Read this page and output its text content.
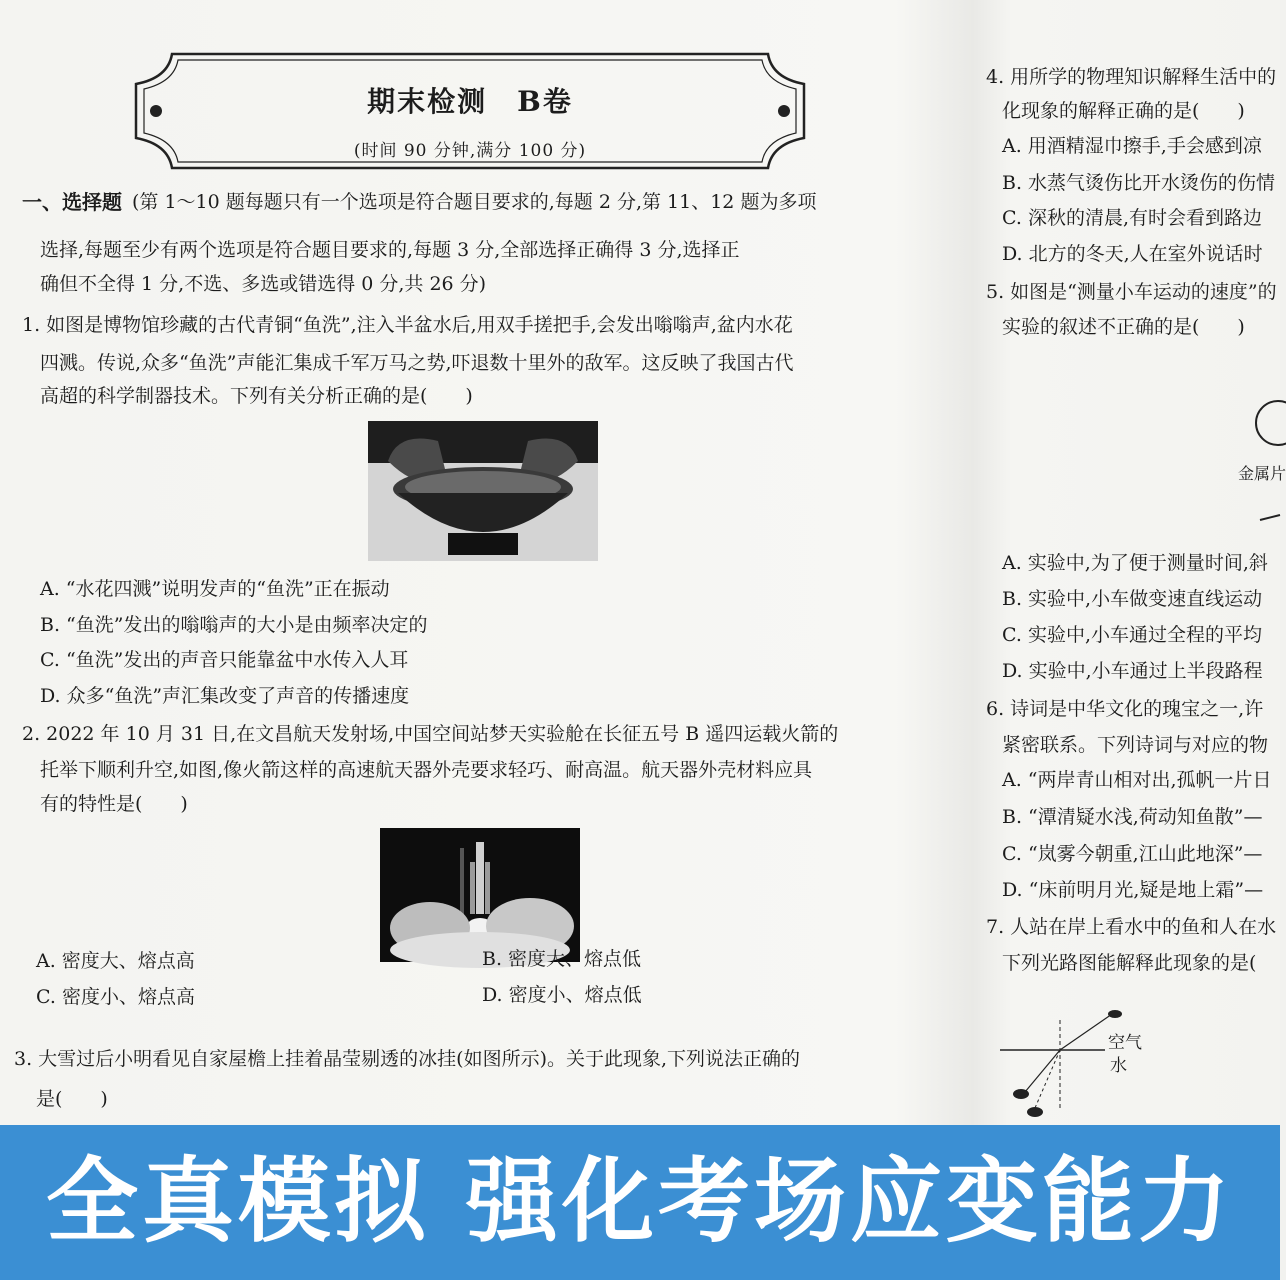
期末检测　B卷
(时间 90 分钟,满分 100 分)
一、选择题 (第 1～10 题每题只有一个选项是符合题目要求的,每题 2 分,第 11、12 题为多项
选择,每题至少有两个选项是符合题目要求的,每题 3 分,全部选择正确得 3 分,选择正
确但不全得 1 分,不选、多选或错选得 0 分,共 26 分)
1. 如图是博物馆珍藏的古代青铜“鱼洗”,注入半盆水后,用双手搓把手,会发出嗡嗡声,盆内水花
四溅。传说,众多“鱼洗”声能汇集成千军万马之势,吓退数十里外的敌军。这反映了我国古代
高超的科学制器技术。下列有关分析正确的是(　　)
A. “水花四溅”说明发声的“鱼洗”正在振动
B. “鱼洗”发出的嗡嗡声的大小是由频率决定的
C. “鱼洗”发出的声音只能靠盆中水传入人耳
D. 众多“鱼洗”声汇集改变了声音的传播速度
2. 2022 年 10 月 31 日,在文昌航天发射场,中国空间站梦天实验舱在长征五号 B 遥四运载火箭的
托举下顺利升空,如图,像火箭这样的高速航天器外壳要求轻巧、耐高温。航天器外壳材料应具
有的特性是(　　)
A. 密度大、熔点高	B. 密度大、熔点低
C. 密度小、熔点高	D. 密度小、熔点低
3. 大雪过后小明看见自家屋檐上挂着晶莹剔透的冰挂(如图所示)。关于此现象,下列说法正确的
是(　　)
4. 用所学的物理知识解释生活中的
化现象的解释正确的是(　　)
A. 用酒精湿巾擦手,手会感到凉
B. 水蒸气烫伤比开水烫伤的伤情
C. 深秋的清晨,有时会看到路边
D. 北方的冬天,人在室外说话时
5. 如图是“测量小车运动的速度”的
实验的叙述不正确的是(　　)
金属片
A. 实验中,为了便于测量时间,斜
B. 实验中,小车做变速直线运动
C. 实验中,小车通过全程的平均
D. 实验中,小车通过上半段路程
6. 诗词是中华文化的瑰宝之一,许
紧密联系。下列诗词与对应的物
A. “两岸青山相对出,孤帆一片日
B. “潭清疑水浅,荷动知鱼散”—
C. “岚雾今朝重,江山此地深”—
D. “床前明月光,疑是地上霜”—
7. 人站在岸上看水中的鱼和人在水
下列光路图能解释此现象的是(
空气
水
全真模拟 强化考场应变能力
